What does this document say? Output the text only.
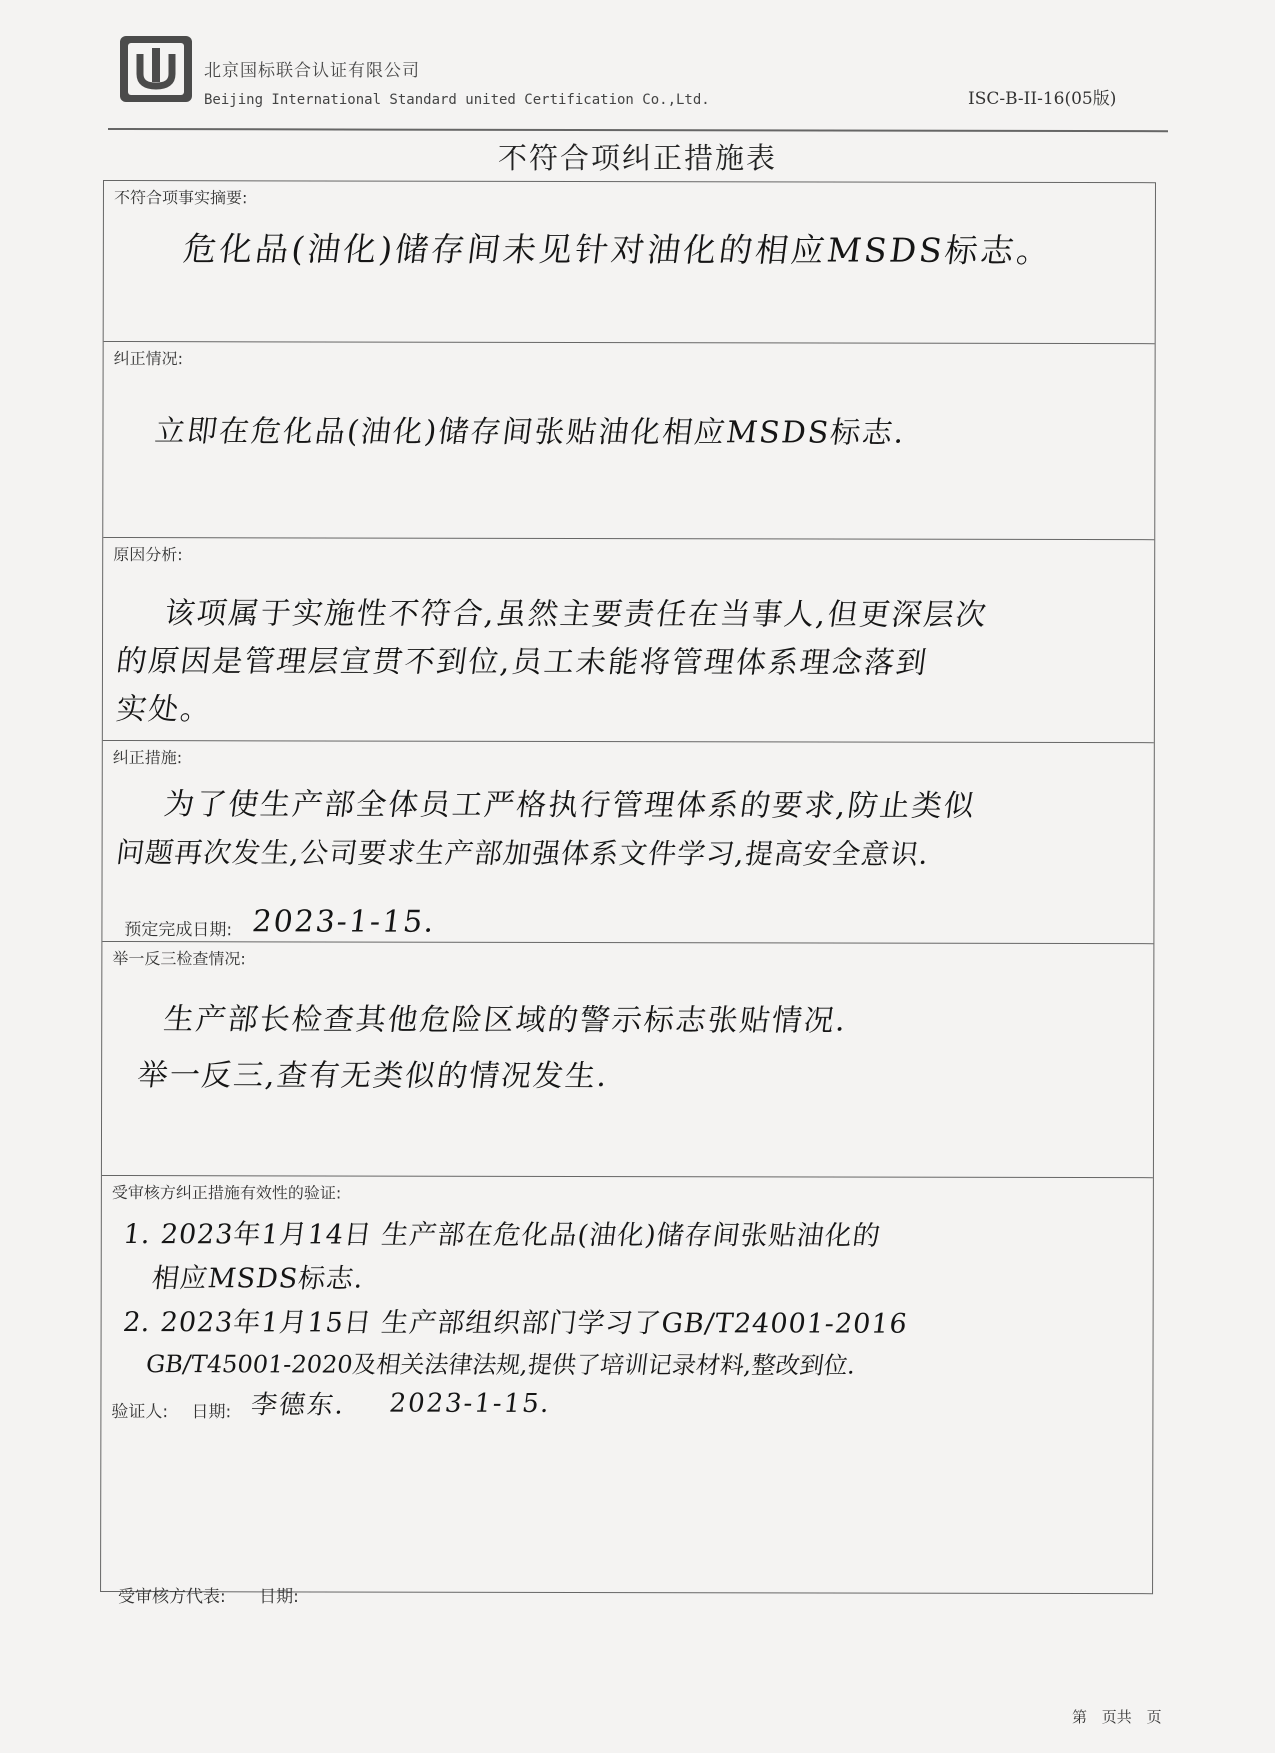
北京国标联合认证有限公司
Beijing International Standard united Certification Co.,Ltd.	ISC-B-II-16(05版)
不符合项纠正措施表
不符合项事实摘要:
危化品(油化)储存间未见针对油化的相应MSDS标志。
纠正情况:
立即在危化品(油化)储存间张贴油化相应MSDS标志.
原因分析:
该项属于实施性不符合,虽然主要责任在当事人,但更深层次
的原因是管理层宣贯不到位,员工未能将管理体系理念落到
实处。
纠正措施:
为了使生产部全体员工严格执行管理体系的要求,防止类似
问题再次发生,公司要求生产部加强体系文件学习,提高安全意识.
预定完成日期: 2023-1-15.
举一反三检查情况:
生产部长检查其他危险区域的警示标志张贴情况.
举一反三,查有无类似的情况发生.
受审核方纠正措施有效性的验证:
1. 2023年1月14日 生产部在危化品(油化)储存间张贴油化的
相应MSDS标志.
2. 2023年1月15日 生产部组织部门学习了GB/T24001-2016
GB/T45001-2020及相关法律法规,提供了培训记录材料,整改到位.
验证人: 日期: 李德东. 2023-1-15.
受审核方代表: 日期:
第 页共 页
